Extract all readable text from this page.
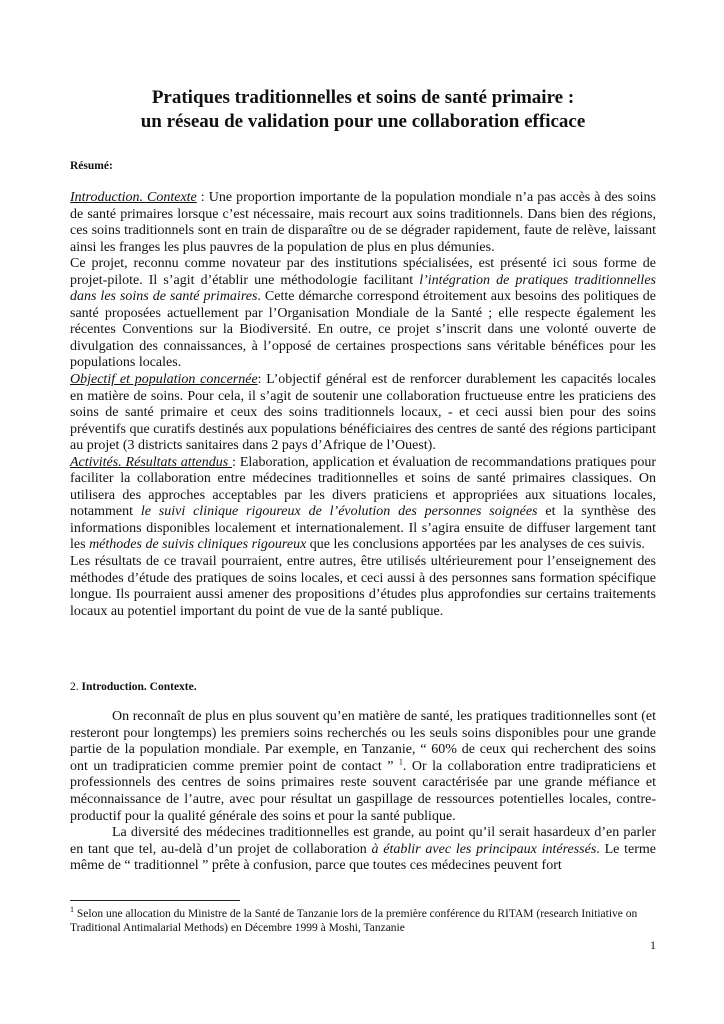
Pratiques traditionnelles et soins de santé primaire :
un réseau de validation pour une collaboration efficace

Résumé:

Introduction. Contexte : Une proportion importante de la population mondiale n’a pas accès à des soins de santé primaires lorsque c’est nécessaire, mais recourt aux soins traditionnels. Dans bien des régions, ces soins traditionnels sont en train de disparaître ou de se dégrader rapidement, faute de relève, laissant ainsi les franges les plus pauvres de la population de plus en plus démunies.

Ce projet, reconnu comme novateur par des institutions spécialisées, est présenté ici sous forme de projet-pilote. Il s’agit d’établir une méthodologie facilitant l’intégration de pratiques traditionnelles dans les soins de santé primaires. Cette démarche correspond étroitement aux besoins des politiques de santé proposées actuellement par l’Organisation Mondiale de la Santé ; elle respecte également les récentes Conventions sur la Biodiversité. En outre, ce projet s’inscrit dans une volonté ouverte de divulgation des connaissances, à l’opposé de certaines prospections sans véritable bénéfices pour les populations locales.

Objectif et population concernée: L’objectif général est de renforcer durablement les capacités locales en matière de soins. Pour cela, il s’agit de soutenir une collaboration fructueuse entre les praticiens des soins de santé primaire et ceux des soins traditionnels locaux, - et ceci aussi bien pour des soins préventifs que curatifs destinés aux populations bénéficiaires des centres de santé des régions participant au projet (3 districts sanitaires dans 2 pays d’Afrique de l’Ouest).

Activités. Résultats attendus : Elaboration, application et évaluation de recommandations pratiques pour faciliter la collaboration entre médecines traditionnelles et soins de santé primaires classiques. On utilisera des approches acceptables par les divers praticiens et appropriées aux situations locales, notamment le suivi clinique rigoureux de l’évolution des personnes soignées et la synthèse des informations disponibles localement et internationalement. Il s’agira ensuite de diffuser largement tant les méthodes de suivis cliniques rigoureux que les conclusions apportées par les analyses de ces suivis.

Les résultats de ce travail pourraient, entre autres, être utilisés ultérieurement pour l’enseignement des méthodes d’étude des pratiques de soins locales, et ceci aussi à des personnes sans formation spécifique longue. Ils pourraient aussi amener des propositions d’études plus approfondies sur certains traitements locaux au potentiel important du point de vue de la santé publique.

2. Introduction. Contexte.

On reconnaît de plus en plus souvent qu’en matière de santé, les pratiques traditionnelles sont (et resteront pour longtemps) les premiers soins recherchés ou les seuls soins disponibles pour une grande partie de la population mondiale. Par exemple, en Tanzanie, “ 60% de ceux qui recherchent des soins ont un tradipraticien comme premier point de contact ” $^1$. Or la collaboration entre tradipraticiens et professionnels des centres de soins primaires reste souvent caractérisée par une grande méfiance et méconnaissance de l’autre, avec pour résultat un gaspillage de ressources potentielles locales, contre-productif pour la qualité générale des soins et pour la santé publique.

La diversité des médecines traditionnelles est grande, au point qu’il serait hasardeux d’en parler en tant que tel, au-delà d’un projet de collaboration à établir avec les principaux intéressés. Le terme même de “ traditionnel ” prête à confusion, parce que toutes ces médecines peuvent fort

$^1$ Selon une allocation du Ministre de la Santé de Tanzanie lors de la première conférence du RITAM (research Initiative on Traditional Antimalarial Methods) en Décembre 1999 à Moshi, Tanzanie

1
